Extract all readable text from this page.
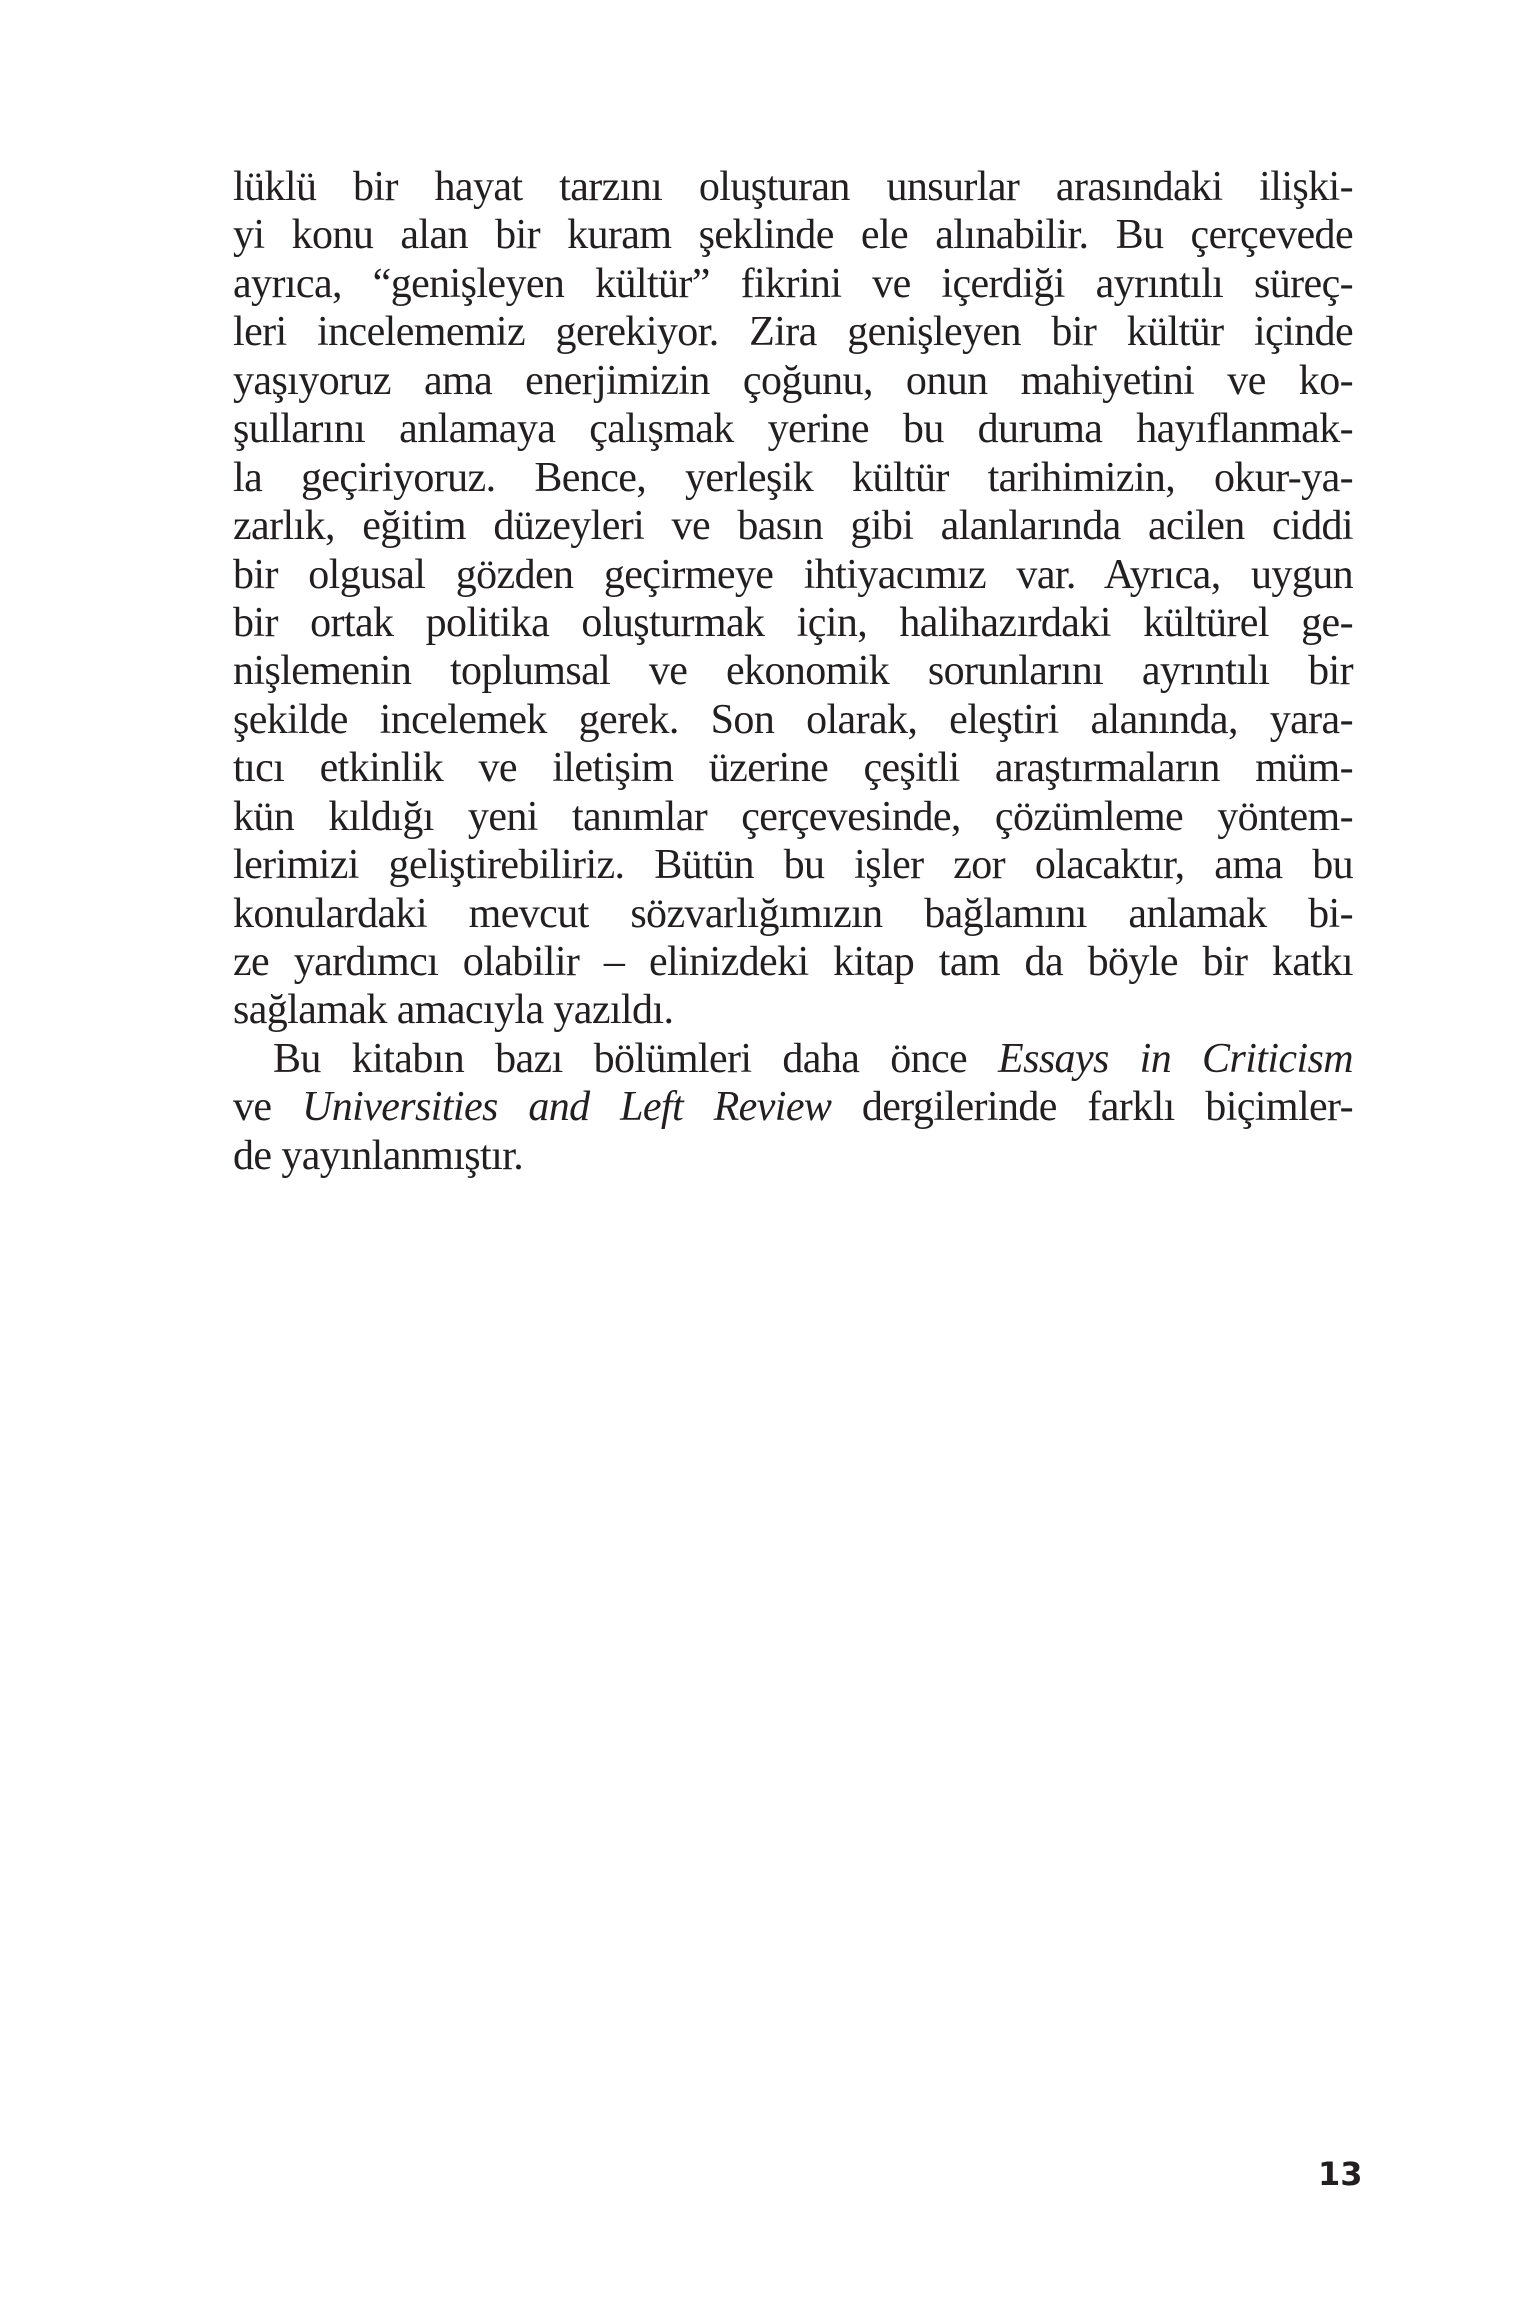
lüklü bir hayat tarzını oluşturan unsurlar arasındaki ilişki-
yi konu alan bir kuram şeklinde ele alınabilir. Bu çerçevede
ayrıca, “genişleyen kültür” fikrini ve içerdiği ayrıntılı süreç-
leri incelememiz gerekiyor. Zira genişleyen bir kültür içinde
yaşıyoruz ama enerjimizin çoğunu, onun mahiyetini ve ko-
şullarını anlamaya çalışmak yerine bu duruma hayıflanmak-
la geçiriyoruz. Bence, yerleşik kültür tarihimizin, okur-ya-
zarlık, eğitim düzeyleri ve basın gibi alanlarında acilen ciddi
bir olgusal gözden geçirmeye ihtiyacımız var. Ayrıca, uygun
bir ortak politika oluşturmak için, halihazırdaki kültürel ge-
nişlemenin toplumsal ve ekonomik sorunlarını ayrıntılı bir
şekilde incelemek gerek. Son olarak, eleştiri alanında, yara-
tıcı etkinlik ve iletişim üzerine çeşitli araştırmaların müm-
kün kıldığı yeni tanımlar çerçevesinde, çözümleme yöntem-
lerimizi geliştirebiliriz. Bütün bu işler zor olacaktır, ama bu
konulardaki mevcut sözvarlığımızın bağlamını anlamak bi-
ze yardımcı olabilir – elinizdeki kitap tam da böyle bir katkı
sağlamak amacıyla yazıldı.
Bu kitabın bazı bölümleri daha önce Essays in Criticism
ve Universities and Left Review dergilerinde farklı biçimler-
de yayınlanmıştır.
13
